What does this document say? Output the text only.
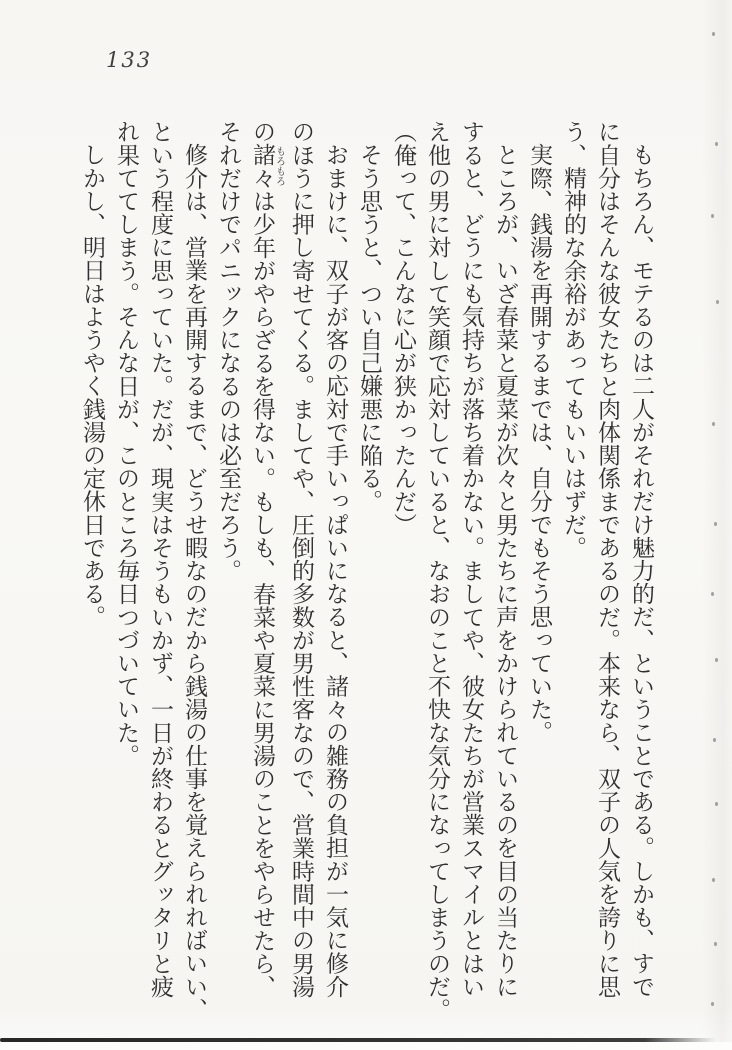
133
もちろん、モテるのは二人がそれだけ魅力的だ、ということである。しかも、すで
に自分はそんな彼女たちと肉体関係まであるのだ。本来なら、双子の人気を誇りに思
う、精神的な余裕があってもいいはずだ。
実際、銭湯を再開するまでは、自分でもそう思っていた。
ところが、いざ春菜と夏菜が次々と男たちに声をかけられているのを目の当たりに
すると、どうにも気持ちが落ち着かない。ましてや、彼女たちが営業スマイルとはい
え他の男に対して笑顔で応対していると、なおのこと不快な気分になってしまうのだ。
（俺って、こんなに心が狭かったんだ）
そう思うと、つい自己嫌悪に陥る。
おまけに、双子が客の応対で手いっぱいになると、諸々の雑務の負担が一気に修介
のほうに押し寄せてくる。ましてや、圧倒的多数が男性客なので、営業時間中の男湯
の諸々もろもろは少年がやらざるを得ない。もしも、春菜や夏菜に男湯のことをやらせたら、
それだけでパニックになるのは必至だろう。
修介は、営業を再開するまで、どうせ暇なのだから銭湯の仕事を覚えられればいい、
という程度に思っていた。だが、現実はそうもいかず、一日が終わるとグッタリと疲
れ果ててしまう。そんな日が、このところ毎日つづいていた。
しかし、明日はようやく銭湯の定休日である。
